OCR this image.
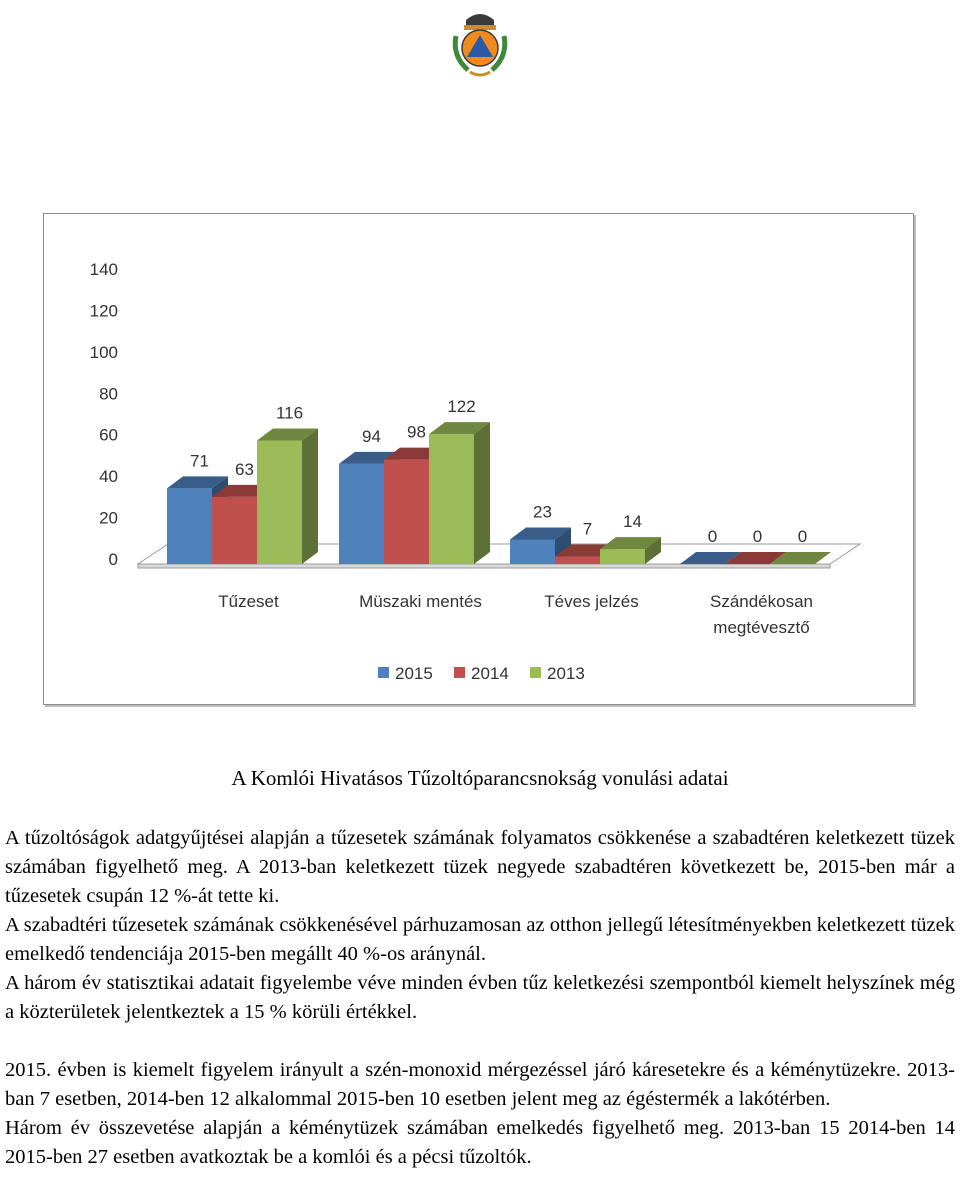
0
20
40
60
80
100
120
140
71 63
116
Tűzeset
94 98
122
Müszaki mentés
23
7 14
Téves jelzés
0 0 0
Szándékosan
megtévesztő
2015 2014 2013
A Komlói Hivatásos Tűzoltóparancsnokság vonulási adatai

A tűzoltóságok adatgyűjtései alapján a tűzesetek számának folyamatos csökkenése a szabadtéren keletkezett tüzek számában figyelhető meg. A 2013-ban keletkezett tüzek negyede szabadtéren következett be, 2015-ben már a tűzesetek csupán 12 %-át tette ki.

A szabadtéri tűzesetek számának csökkenésével párhuzamosan az otthon jellegű létesítményekben keletkezett tüzek emelkedő tendenciája 2015-ben megállt 40 %-os aránynál.

A három év statisztikai adatait figyelembe véve minden évben tűz keletkezési szempontból kiemelt helyszínek még a közterületek jelentkeztek a 15 % körüli értékkel.

2015. évben is kiemelt figyelem irányult a szén-monoxid mérgezéssel járó káresetekre és a kéménytüzekre. 2013-ban 7 esetben, 2014-ben 12 alkalommal 2015-ben 10 esetben jelent meg az égéstermék a lakótérben.

Három év összevetése alapján a kéménytüzek számában emelkedés figyelhető meg. 2013-ban 15 2014-ben 14 2015-ben 27 esetben avatkoztak be a komlói és a pécsi tűzoltók.
